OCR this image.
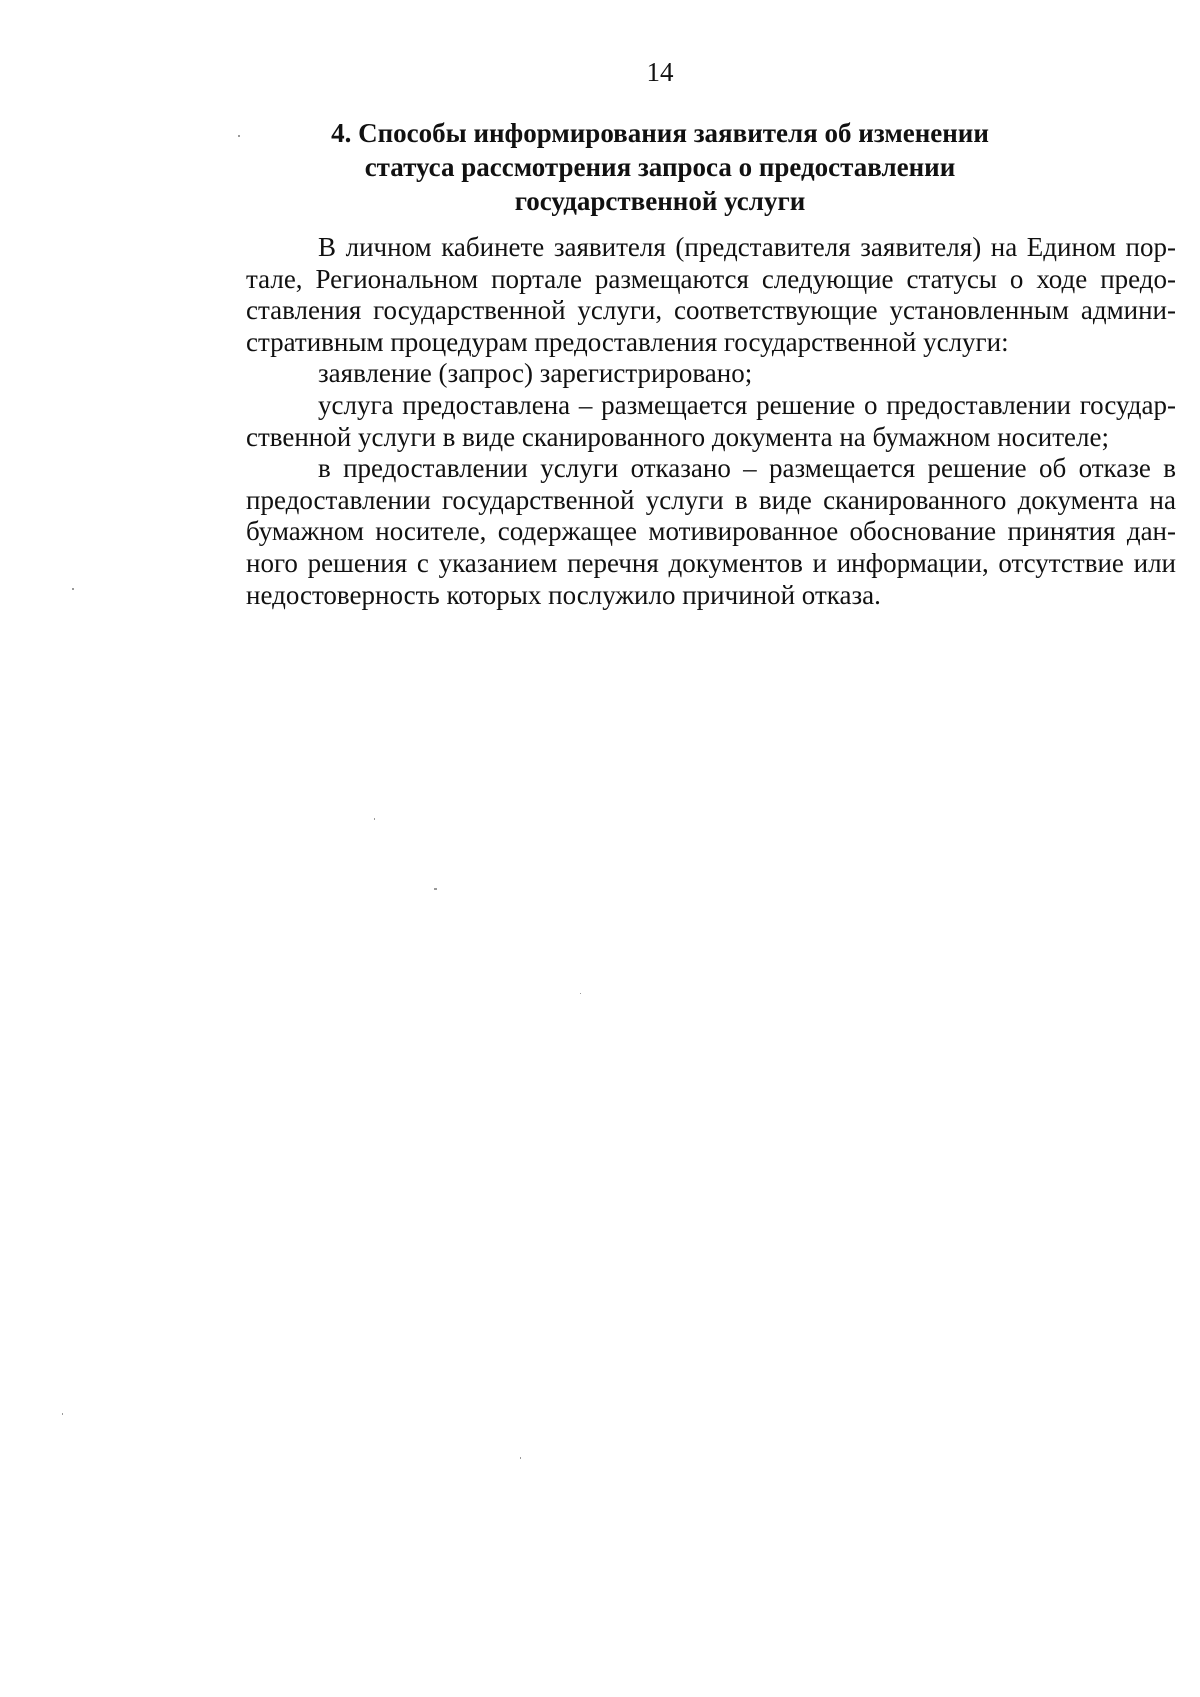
14
4. Способы информирования заявителя об изменении
статуса рассмотрения запроса о предоставлении
государственной услуги
В личном кабинете заявителя (представителя заявителя) на Едином пор-
тале, Региональном портале размещаются следующие статусы о ходе предо-
ставления государственной услуги, соответствующие установленным админи-
стративным процедурам предоставления государственной услуги:
заявление (запрос) зарегистрировано;
услуга предоставлена – размещается решение о предоставлении государ-
ственной услуги в виде сканированного документа на бумажном носителе;
в предоставлении услуги отказано – размещается решение об отказе в
предоставлении государственной услуги в виде сканированного документа на
бумажном носителе, содержащее мотивированное обоснование принятия дан-
ного решения с указанием перечня документов и информации, отсутствие или
недостоверность которых послужило причиной отказа.
